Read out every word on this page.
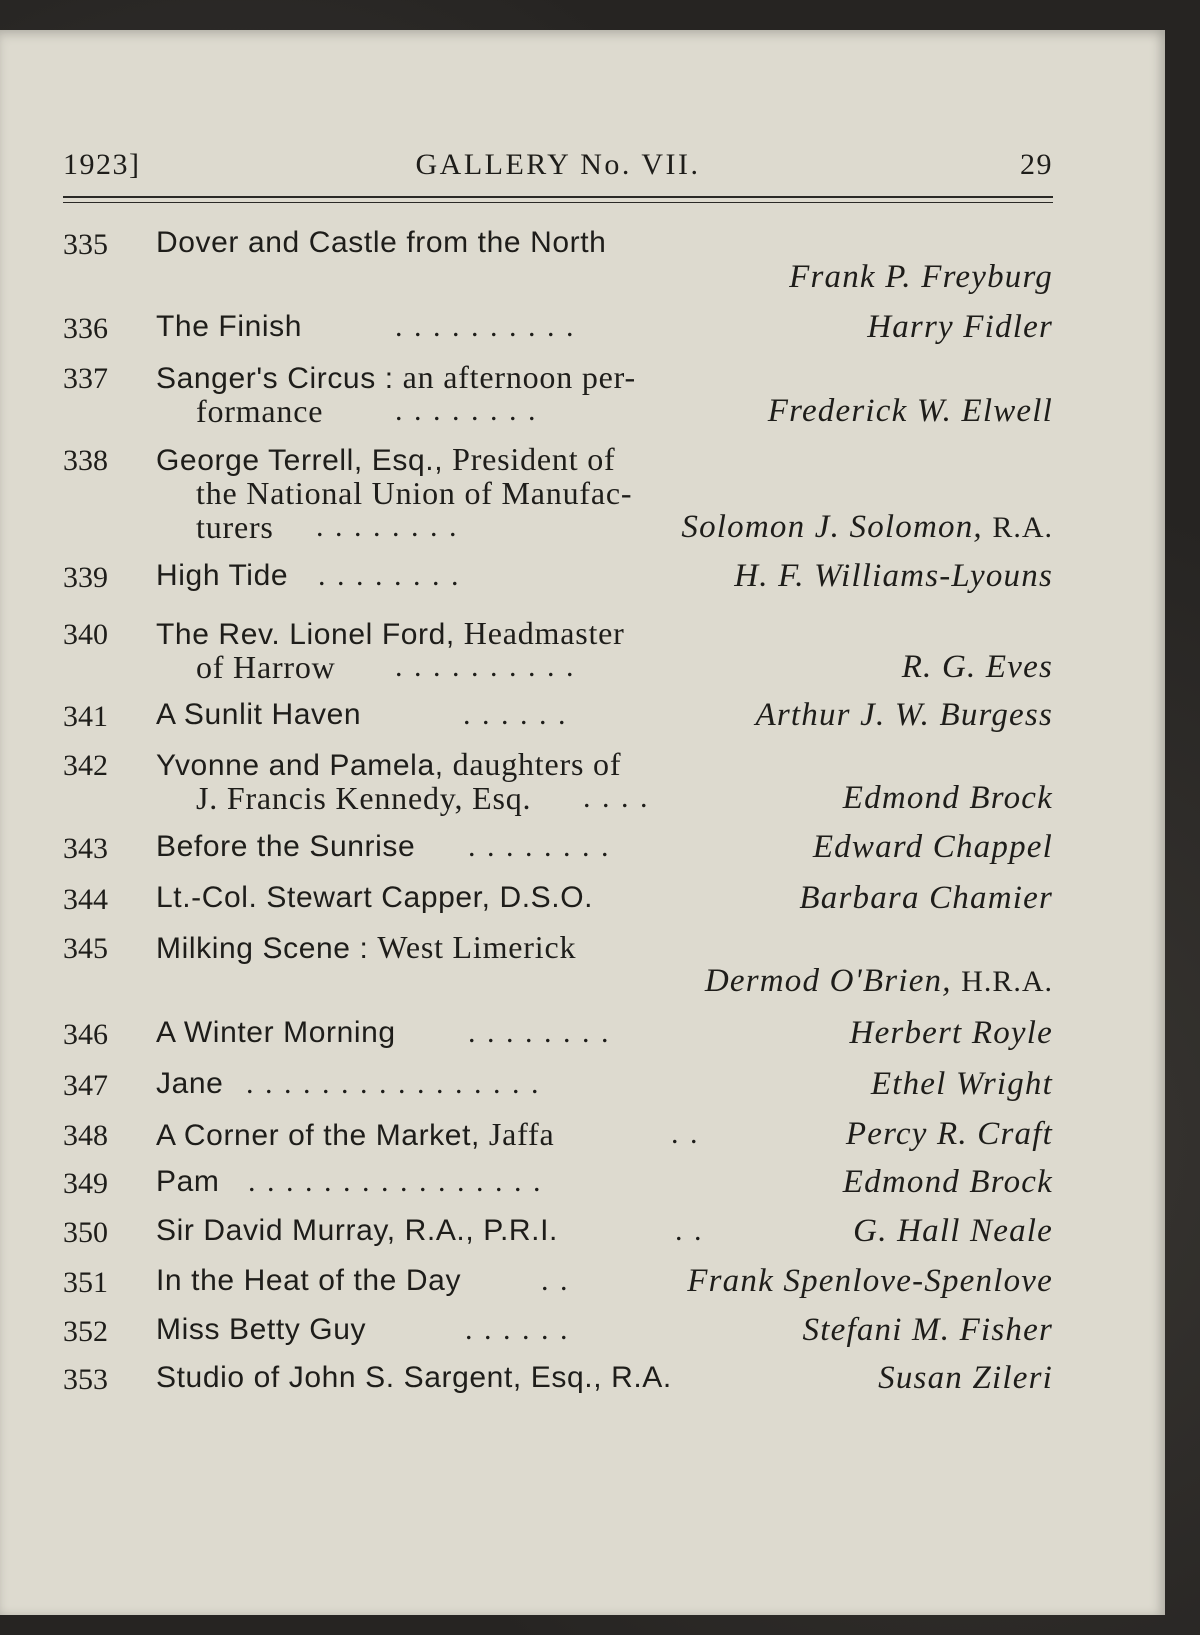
1923]	GALLERY No. VII.	29
335 Dover and Castle from the North
Frank P. Freyburg
336 The Finish	. . . . . . . . . .	Harry Fidler
337 Sanger's Circus : an afternoon per-
formance . . . . . . . .	Frederick W. Elwell
338 George Terrell, Esq., President of
the National Union of Manufac-
turers . . . . . . . .	Solomon J. Solomon, R.A.
339 High Tide . . . . . . . .	H. F. Williams-Lyouns
340 The Rev. Lionel Ford, Headmaster
of Harrow . . . . . . . . . .	R. G. Eves
341 A Sunlit Haven	. . . . . .	Arthur J. W. Burgess
342 Yvonne and Pamela, daughters of
J. Francis Kennedy, Esq. . . . .	Edmond Brock
343 Before the Sunrise . . . . . . . .	Edward Chappel
344 Lt.-Col. Stewart Capper, D.S.O.	Barbara Chamier
345 Milking Scene : West Limerick
Dermod O'Brien, H.R.A.
346 A Winter Morning . . . . . . . .	Herbert Royle
347 Jane . . . . . . . . . . . . . . . .	Ethel Wright
348 A Corner of the Market, Jaffa	. .	Percy R. Craft
349 Pam . . . . . . . . . . . . . . . .	Edmond Brock
350 Sir David Murray, R.A., P.R.I.	. .	G. Hall Neale
351 In the Heat of the Day	. .	Frank Spenlove-Spenlove
352 Miss Betty Guy	. . . . . .	Stefani M. Fisher
353 Studio of John S. Sargent, Esq., R.A.	Susan Zileri
